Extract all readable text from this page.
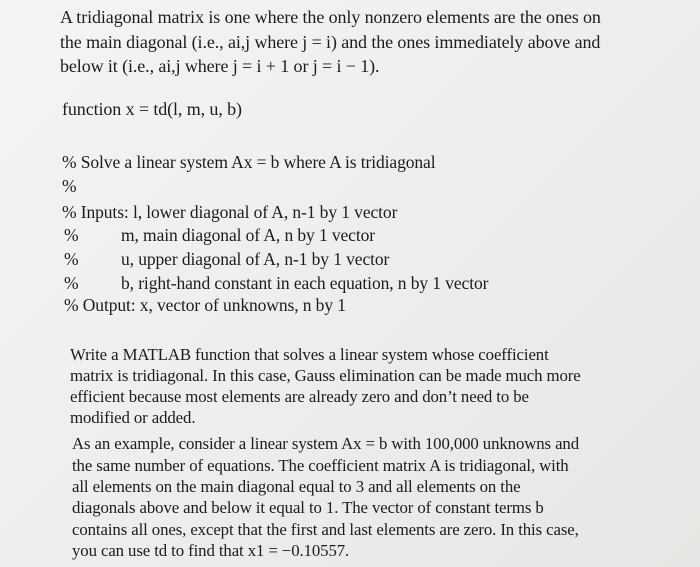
A tridiagonal matrix is one where the only nonzero elements are the ones on
the main diagonal (i.e., ai,j where j = i) and the ones immediately above and
below it (i.e., ai,j where j = i + 1 or j = i − 1).
function x = td(l, m, u, b)
% Solve a linear system Ax = b where A is tridiagonal
%
% Inputs: l, lower diagonal of A, n-1 by 1 vector
% m, main diagonal of A, n by 1 vector
% u, upper diagonal of A, n-1 by 1 vector
% b, right-hand constant in each equation, n by 1 vector
% Output: x, vector of unknowns, n by 1
Write a MATLAB function that solves a linear system whose coefficient
matrix is tridiagonal. In this case, Gauss elimination can be made much more
efficient because most elements are already zero and don’t need to be
modified or added.
As an example, consider a linear system Ax = b with 100,000 unknowns and
the same number of equations. The coefficient matrix A is tridiagonal, with
all elements on the main diagonal equal to 3 and all elements on the
diagonals above and below it equal to 1. The vector of constant terms b
contains all ones, except that the first and last elements are zero. In this case,
you can use td to find that x1 = −0.10557.
